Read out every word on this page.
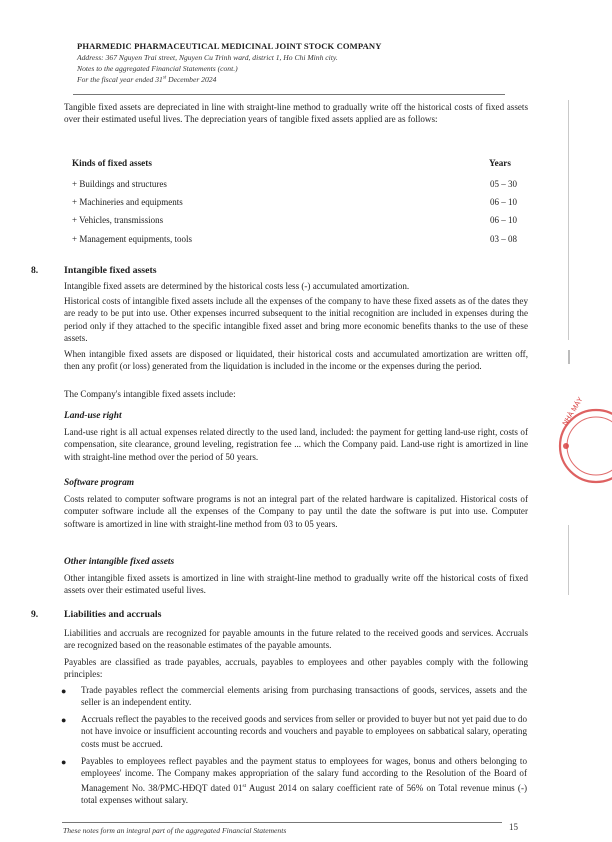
PHARMEDIC PHARMACEUTICAL MEDICINAL JOINT STOCK COMPANY
Address: 367 Nguyen Trai street, Nguyen Cu Trinh ward, district 1, Ho Chi Minh city.
Notes to the aggregated Financial Statements (cont.)
For the fiscal year ended 31st December 2024
Tangible fixed assets are depreciated in line with straight-line method to gradually write off the historical costs of fixed assets over their estimated useful lives. The depreciation years of tangible fixed assets applied are as follows:
Kinds of fixed assets	Years
+ Buildings and structures	05 – 30
+ Machineries and equipments	06 – 10
+ Vehicles, transmissions	06 – 10
+ Management equipments, tools	03 – 08
8.	Intangible fixed assets
Intangible fixed assets are determined by the historical costs less (-) accumulated amortization.
Historical costs of intangible fixed assets include all the expenses of the company to have these fixed assets as of the dates they are ready to be put into use. Other expenses incurred subsequent to the initial recognition are included in expenses during the period only if they attached to the specific intangible fixed asset and bring more economic benefits thanks to the use of these assets.
When intangible fixed assets are disposed or liquidated, their historical costs and accumulated amortization are written off, then any profit (or loss) generated from the liquidation is included in the income or the expenses during the period.
The Company's intangible fixed assets include:
Land-use right
Land-use right is all actual expenses related directly to the used land, included: the payment for getting land-use right, costs of compensation, site clearance, ground leveling, registration fee ... which the Company paid. Land-use right is amortized in line with straight-line method over the period of 50 years.
Software program
Costs related to computer software programs is not an integral part of the related hardware is capitalized. Historical costs of computer software include all the expenses of the Company to pay until the date the software is put into use. Computer software is amortized in line with straight-line method from 03 to 05 years.
Other intangible fixed assets
Other intangible fixed assets is amortized in line with straight-line method to gradually write off the historical costs of fixed assets over their estimated useful lives.
9.	Liabilities and accruals
Liabilities and accruals are recognized for payable amounts in the future related to the received goods and services. Accruals are recognized based on the reasonable estimates of the payable amounts.
Payables are classified as trade payables, accruals, payables to employees and other payables comply with the following principles:
● Trade payables reflect the commercial elements arising from purchasing transactions of goods, services, assets and the seller is an independent entity.
● Accruals reflect the payables to the received goods and services from seller or provided to buyer but not yet paid due to do not have invoice or insufficient accounting records and vouchers and payable to employees on sabbatical salary, operating costs must be accrued.
● Payables to employees reflect payables and the payment status to employees for wages, bonus and others belonging to employees' income. The Company makes appropriation of the salary fund according to the Resolution of the Board of Management No. 38/PMC-HĐQT dated 01st August 2014 on salary coefficient rate of 56% on Total revenue minus (-) total expenses without salary.
These notes form an integral part of the aggregated Financial Statements	15
NHÀ MÁY
